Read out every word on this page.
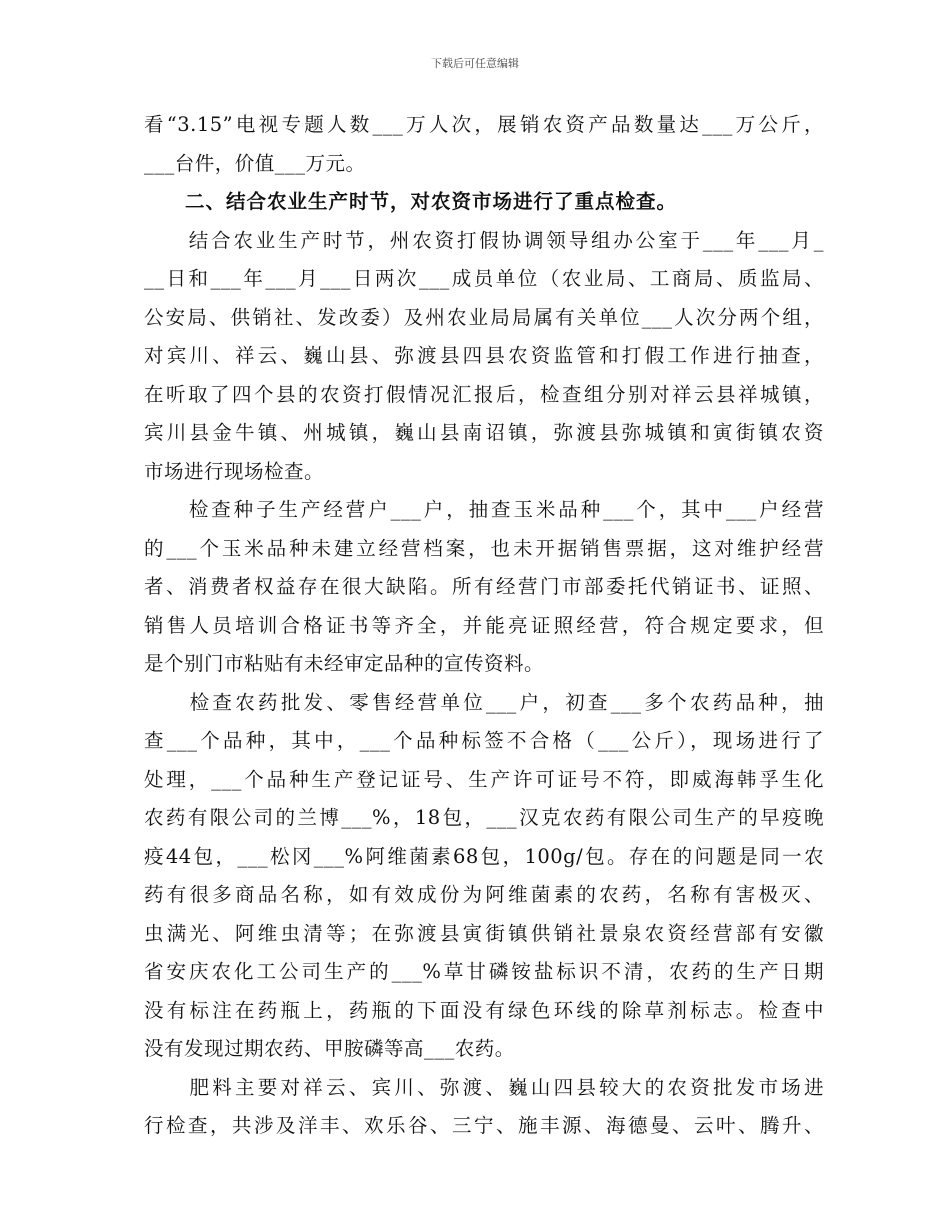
下载后可任意编辑
看“3.15”电视专题人数___万人次，展销农资产品数量达___万公斤，
___台件，价值___万元。
　　二、结合农业生产时节，对农资市场进行了重点检查。
　　结合农业生产时节，州农资打假协调领导组办公室于___年___月_
__日和___年___月___日两次___成员单位（农业局、工商局、质监局、
公安局、供销社、发改委）及州农业局局属有关单位___人次分两个组，
对宾川、祥云、巍山县、弥渡县四县农资监管和打假工作进行抽查，
在听取了四个县的农资打假情况汇报后，检查组分别对祥云县祥城镇，
宾川县金牛镇、州城镇，巍山县南诏镇，弥渡县弥城镇和寅街镇农资
市场进行现场检查。
　　检查种子生产经营户___户，抽查玉米品种___个，其中___户经营
的___个玉米品种未建立经营档案，也未开据销售票据，这对维护经营
者、消费者权益存在很大缺陷。所有经营门市部委托代销证书、证照、
销售人员培训合格证书等齐全，并能亮证照经营，符合规定要求，但
是个别门市粘贴有未经审定品种的宣传资料。
　　检查农药批发、零售经营单位___户，初查___多个农药品种，抽
查___个品种，其中，___个品种标签不合格（___公斤），现场进行了
处理，___个品种生产登记证号、生产许可证号不符，即威海韩孚生化
农药有限公司的兰博___%，18包，___汉克农药有限公司生产的早疫晚
疫44包，___松冈___%阿维菌素68包，100g/包。存在的问题是同一农
药有很多商品名称，如有效成份为阿维菌素的农药，名称有害极灭、
虫满光、阿维虫清等；在弥渡县寅街镇供销社景泉农资经营部有安徽
省安庆农化工公司生产的___%草甘磷铵盐标识不清，农药的生产日期
没有标注在药瓶上，药瓶的下面没有绿色环线的除草剂标志。检查中
没有发现过期农药、甲胺磷等高___农药。
　　肥料主要对祥云、宾川、弥渡、巍山四县较大的农资批发市场进
行检查，共涉及洋丰、欢乐谷、三宁、施丰源、海德曼、云叶、腾升、
